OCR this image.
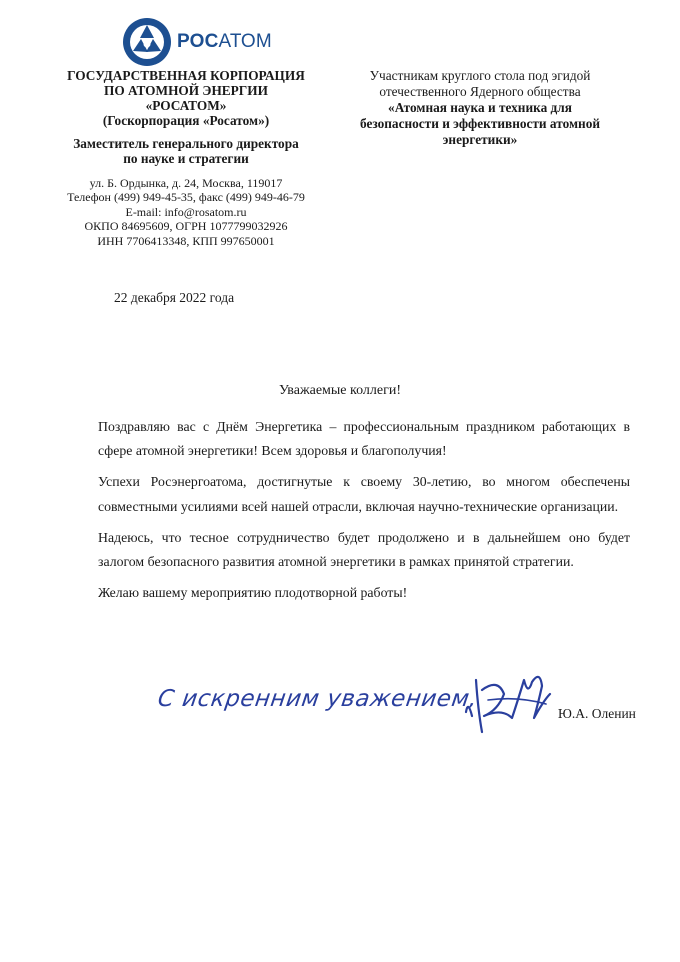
РОСАТОМ
ГОСУДАРСТВЕННАЯ КОРПОРАЦИЯ
ПО АТОМНОЙ ЭНЕРГИИ
«РОСАТОМ»
(Госкорпорация «Росатом»)
Заместитель генерального директора
по науке и стратегии
ул. Б. Ордынка, д. 24, Москва, 119017
Телефон (499) 949-45-35, факс (499) 949-46-79
E-mail: info@rosatom.ru
ОКПО 84695609, ОГРН 1077799032926
ИНН 7706413348, КПП 997650001
Участникам круглого стола под эгидой
отечественного Ядерного общества
«Атомная наука и техника для
безопасности и эффективности атомной
энергетики»
22 декабря 2022 года
Уважаемые коллеги!

Поздравляю вас с Днём Энергетика – профессиональным праздником работающих в сфере атомной энергетики! Всем здоровья и благополучия!

Успехи Росэнергоатома, достигнутые к своему 30-летию, во многом обеспечены совместными усилиями всей нашей отрасли, включая научно-технические организации.

Надеюсь, что тесное сотрудничество будет продолжено и в дальнейшем оно будет залогом безопасного развития атомной энергетики в рамках принятой стратегии.

Желаю вашему мероприятию плодотворной работы!

С искренним уважением,
Ю.А. Оленин
